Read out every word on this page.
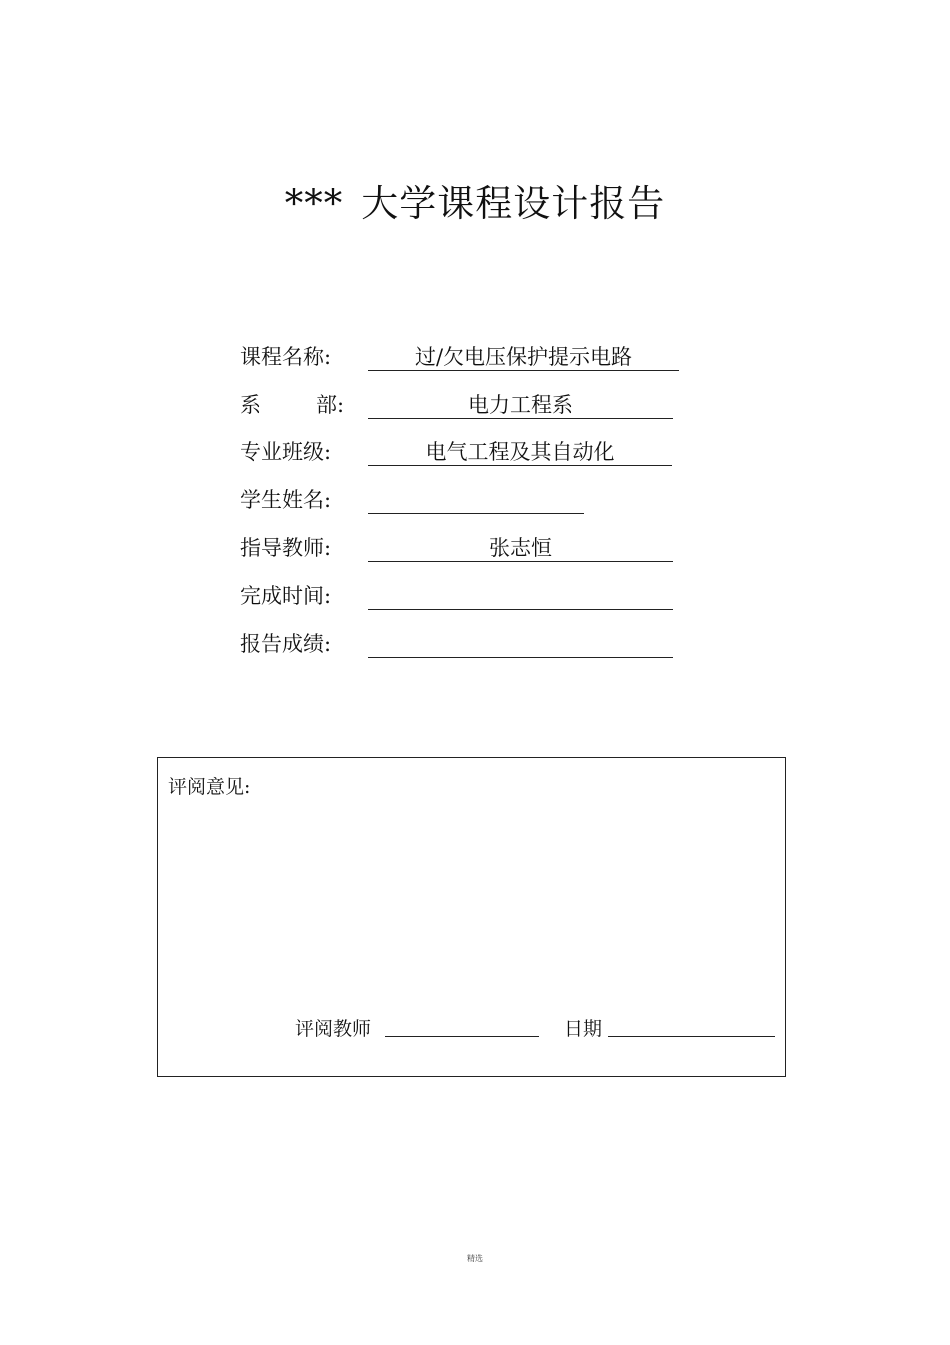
*** 大学课程设计报告
课程名称:	过/欠电压保护提示电路
系	部:	电力工程系
专业班级:	电气工程及其自动化
学生姓名:
指导教师:	张志恒
完成时间:
报告成绩:
评阅意见:
评阅教师	日期
精选
